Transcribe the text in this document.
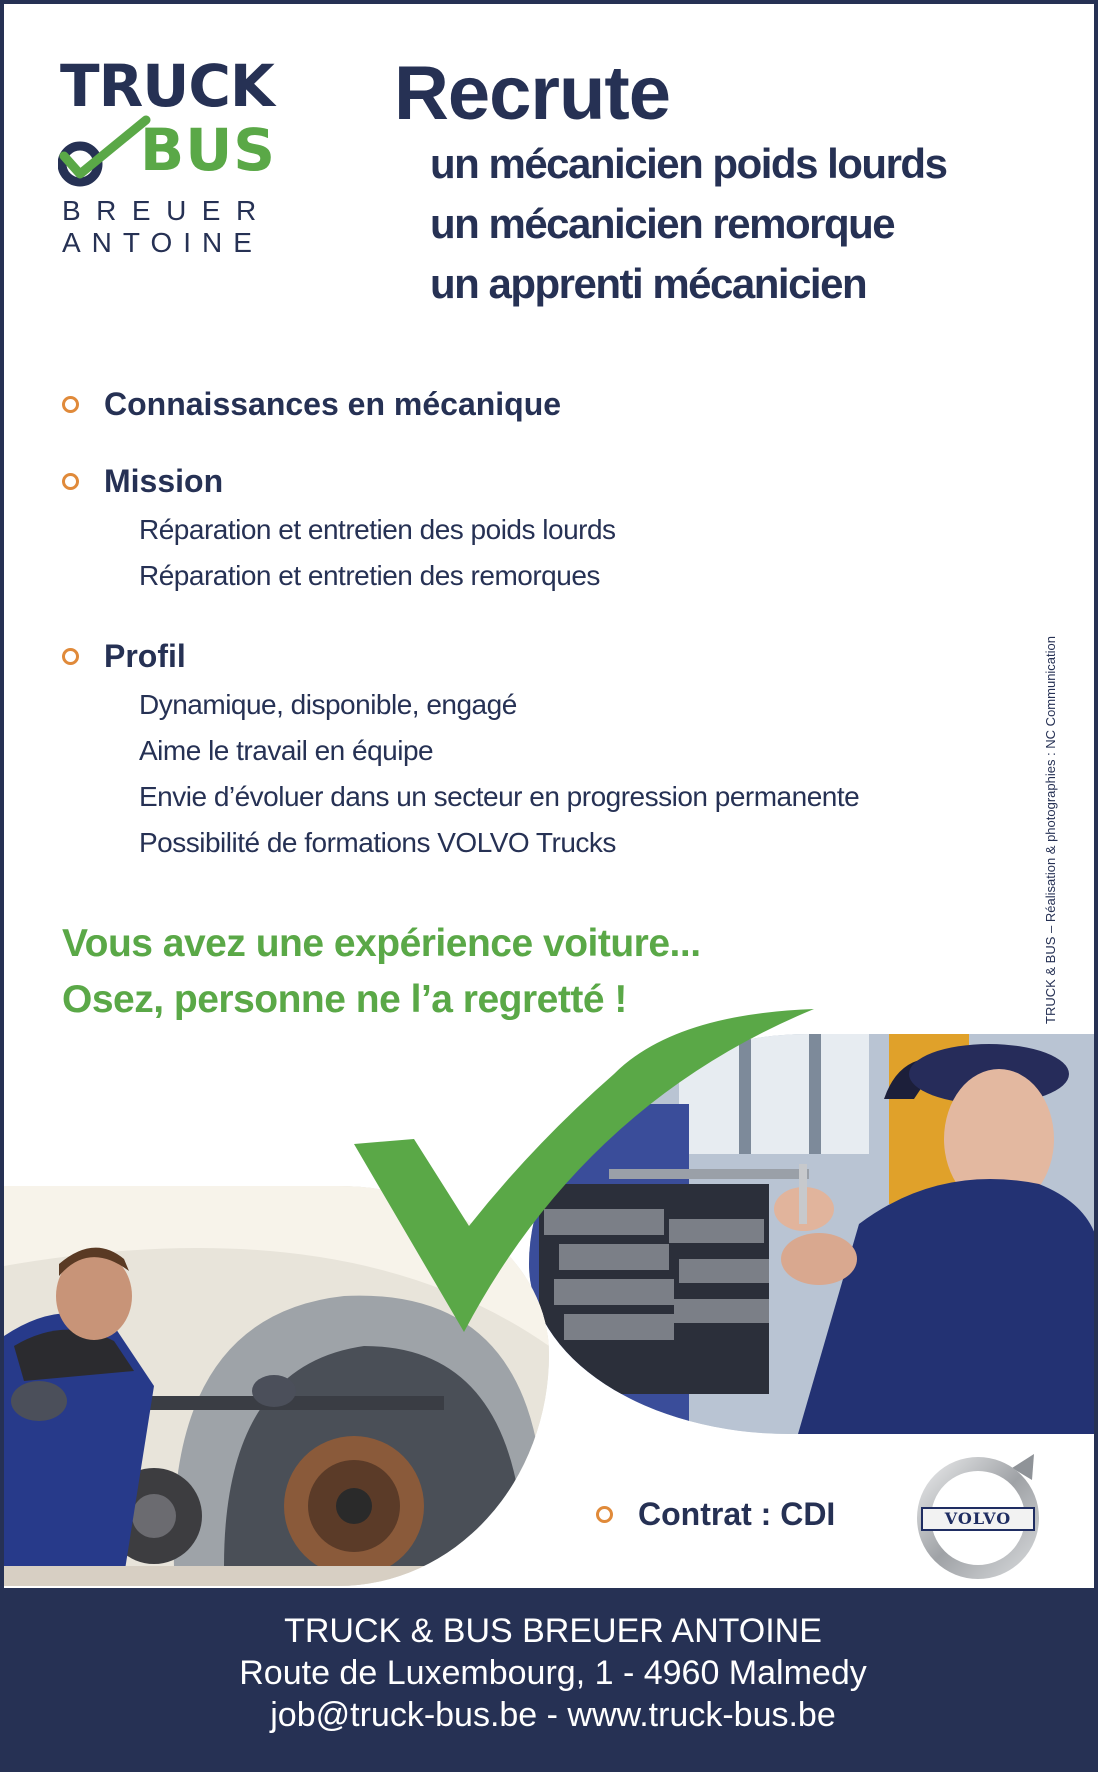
TRUCK
BUS
BREUER
ANTOINE
Recrute
un mécanicien poids lourds
un mécanicien remorque
un apprenti mécanicien
Connaissances en mécanique
Mission
Réparation et entretien des poids lourds
Réparation et entretien des remorques
Profil
Dynamique, disponible, engagé
Aime le travail en équipe
Envie d’évoluer dans un secteur en progression permanente
Possibilité de formations VOLVO Trucks
Vous avez une expérience voiture...
Osez, personne ne l’a regretté !	TRUCK & BUS – Réalisation & photographies : NC Communication
Contrat : CDI	VOLVO
TRUCK & BUS BREUER ANTOINE
Route de Luxembourg, 1 - 4960 Malmedy
job@truck-bus.be - www.truck-bus.be
